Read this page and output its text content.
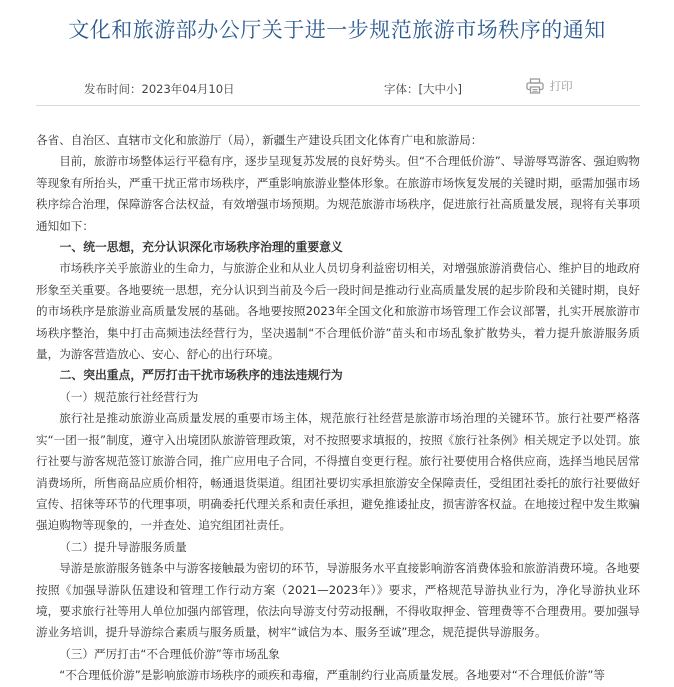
文化和旅游部办公厅关于进一步规范旅游市场秩序的通知
发布时间：2023年04月10日	字体：[大中小]	打印

各省、自治区、直辖市文化和旅游厅（局），新疆生产建设兵团文化体育广电和旅游局：

目前，旅游市场整体运行平稳有序，逐步呈现复苏发展的良好势头。但“不合理低价游”、导游辱骂游客、强迫购物等现象有所抬头，严重干扰正常市场秩序，严重影响旅游业整体形象。在旅游市场恢复发展的关键时期，亟需加强市场秩序综合治理，保障游客合法权益，有效增强市场预期。为规范旅游市场秩序，促进旅行社高质量发展，现将有关事项通知如下：

一、统一思想，充分认识深化市场秩序治理的重要意义

市场秩序关乎旅游业的生命力，与旅游企业和从业人员切身利益密切相关，对增强旅游消费信心、维护目的地政府形象至关重要。各地要统一思想，充分认识到当前及今后一段时间是推动行业高质量发展的起步阶段和关键时期，良好的市场秩序是旅游业高质量发展的基础。各地要按照2023年全国文化和旅游市场管理工作会议部署，扎实开展旅游市场秩序整治，集中打击高频违法经营行为，坚决遏制“不合理低价游”苗头和市场乱象扩散势头，着力提升旅游服务质量，为游客营造放心、安心、舒心的出行环境。

二、突出重点，严厉打击干扰市场秩序的违法违规行为
（一）规范旅行社经营行为

旅行社是推动旅游业高质量发展的重要市场主体，规范旅行社经营是旅游市场治理的关键环节。旅行社要严格落实“一团一报”制度，遵守入出境团队旅游管理政策，对不按照要求填报的，按照《旅行社条例》相关规定予以处罚。旅行社要与游客规范签订旅游合同，推广应用电子合同，不得擅自变更行程。旅行社要使用合格供应商，选择当地民居常消费场所，所售商品应质价相符，畅通退货渠道。组团社要切实承担旅游安全保障责任，受组团社委托的旅行社要做好宣传、招徕等环节的代理事项，明确委托代理关系和责任承担，避免推诿扯皮，损害游客权益。在地接过程中发生欺骗强迫购物等现象的，一并查处、追究组团社责任。

（二）提升导游服务质量

导游是旅游服务链条中与游客接触最为密切的环节，导游服务水平直接影响游客消费体验和旅游消费环境。各地要按照《加强导游队伍建设和管理工作行动方案（2021—2023年）》要求，严格规范导游执业行为，净化导游执业环境，要求旅行社等用人单位加强内部管理，依法向导游支付劳动报酬，不得收取押金、管理费等不合理费用。要加强导游业务培训，提升导游综合素质与服务质量，树牢“诚信为本、服务至诚”理念，规范提供导游服务。

（三）严厉打击“不合理低价游”等市场乱象

“不合理低价游”是影响旅游市场秩序的顽疾和毒瘤，严重制约行业高质量发展。各地要对“不合理低价游”等
